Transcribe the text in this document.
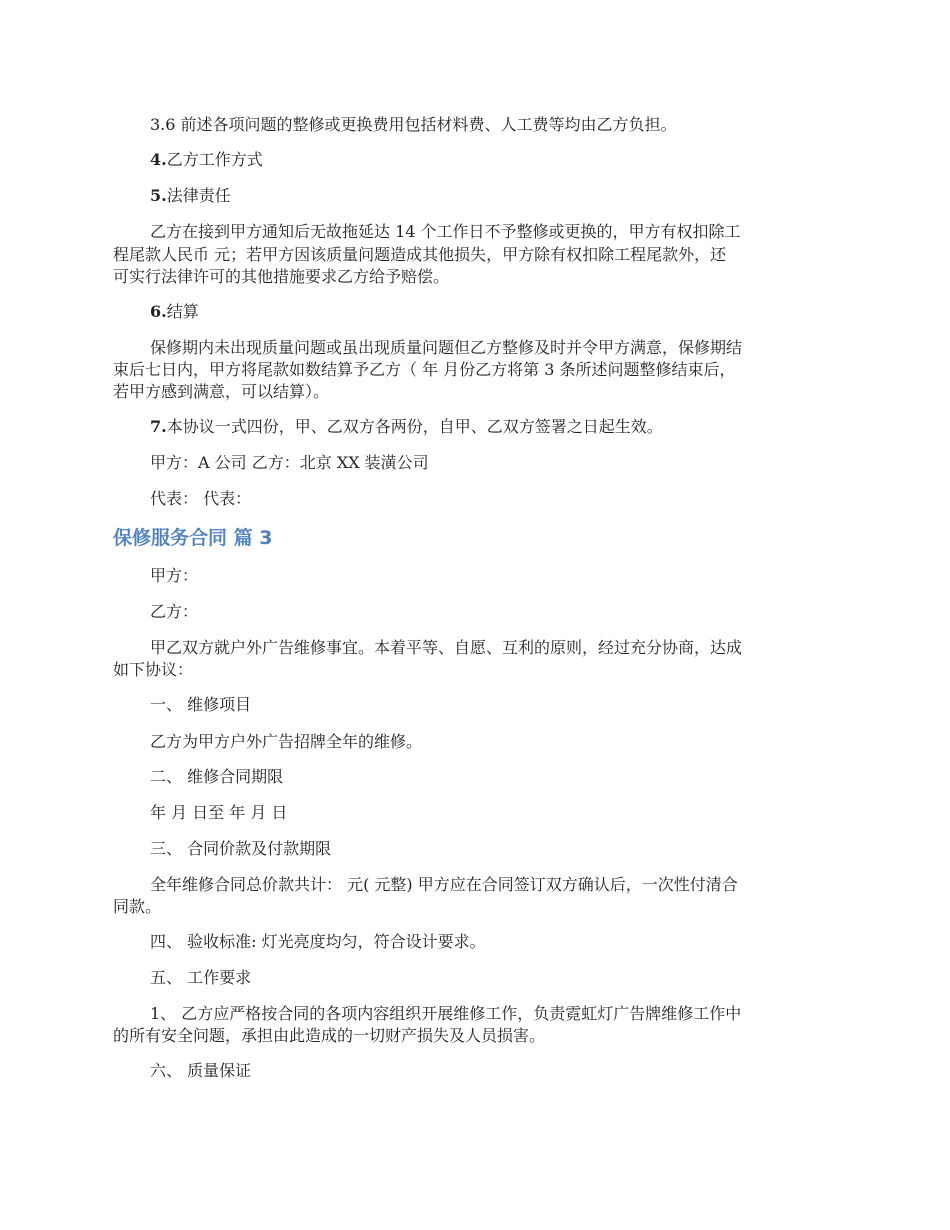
3.6 前述各项问题的整修或更换费用包括材料费、人工费等均由乙方负担。
4.乙方工作方式
5.法律责任
乙方在接到甲方通知后无故拖延达 14 个工作日不予整修或更换的，甲方有权扣除工
程尾款人民币 元；若甲方因该质量问题造成其他损失，甲方除有权扣除工程尾款外，还
可实行法律许可的其他措施要求乙方给予赔偿。
6.结算
保修期内未出现质量问题或虽出现质量问题但乙方整修及时并令甲方满意，保修期结
束后七日内，甲方将尾款如数结算予乙方（ 年 月份乙方将第 3 条所述问题整修结束后，
若甲方感到满意，可以结算）。
7.本协议一式四份，甲、乙双方各两份，自甲、乙双方签署之日起生效。
甲方：A 公司 乙方：北京 XX 装潢公司
代表： 代表：
保修服务合同 篇 3
甲方：
乙方：
甲乙双方就户外广告维修事宜。本着平等、自愿、互利的原则，经过充分协商，达成
如下协议：
一、 维修项目
乙方为甲方户外广告招牌全年的维修。
二、 维修合同期限
年 月 日至 年 月 日
三、 合同价款及付款期限
全年维修合同总价款共计： 元( 元整) 甲方应在合同签订双方确认后，一次性付清合
同款。
四、 验收标准: 灯光亮度均匀，符合设计要求。
五、 工作要求
1、 乙方应严格按合同的各项内容组织开展维修工作，负责霓虹灯广告牌维修工作中
的所有安全问题，承担由此造成的一切财产损失及人员损害。
六、 质量保证
